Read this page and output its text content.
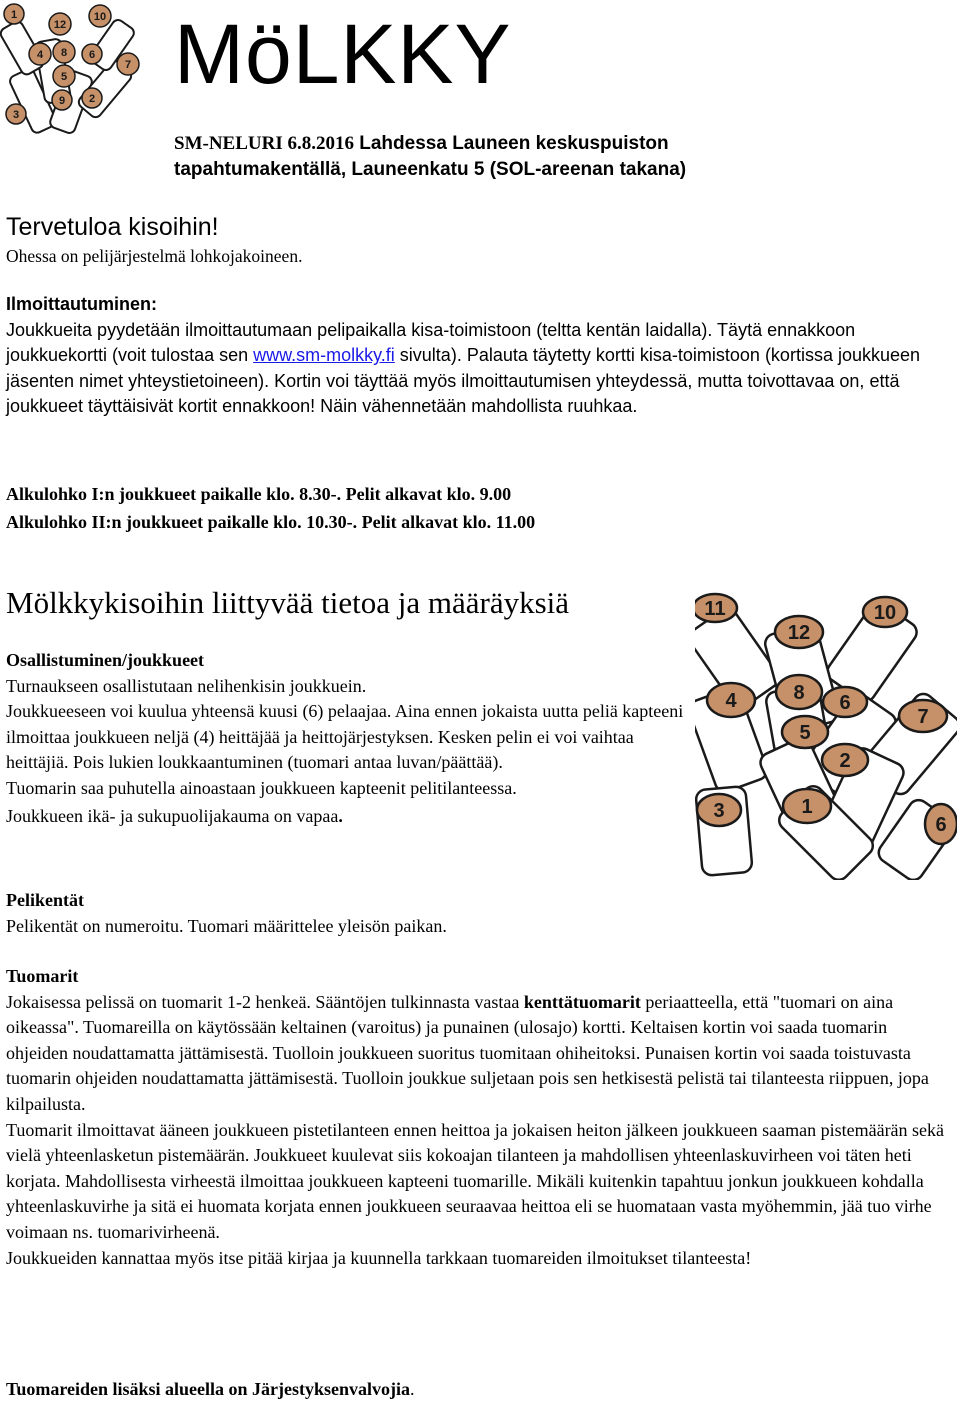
1
12
10
4 8 6
5
7
3
2
9 MöLKKY
SM-NELURI 6.8.2016 Lahdessa Launeen keskuspuiston
tapahtumakentällä, Launeenkatu 5 (SOL-areenan takana)
Tervetuloa kisoihin!
Ohessa on pelijärjestelmä lohkojakoineen.

Ilmoittautuminen:

Joukkueita pyydetään ilmoittautumaan pelipaikalla kisa-toimistoon (teltta kentän laidalla). Täytä ennakkoon joukkuekortti (voit tulostaa sen www.sm-molkky.fi sivulta). Palauta täytetty kortti kisa-toimistoon (kortissa joukkueen jäsenten nimet yhteystietoineen). Kortin voi täyttää myös ilmoittautumisen yhteydessä, mutta toivottavaa on, että joukkueet täyttäisivät kortit ennakkoon! Näin vähennetään mahdollista ruuhkaa.

Alkulohko I:n joukkueet paikalle klo. 8.30-. Pelit alkavat klo. 9.00

Alkulohko II:n joukkueet paikalle klo. 10.30-. Pelit alkavat klo. 11.00

Mölkkykisoihin liittyvää tietoa ja määräyksiä

Osallistuminen/joukkueet

Turnaukseen osallistutaan nelihenkisin joukkuein.

Joukkueeseen voi kuulua yhteensä kuusi (6) pelaajaa. Aina ennen jokaista uutta peliä kapteeni ilmoittaa joukkueen neljä (4) heittäjää ja heittojärjestyksen. Kesken pelin ei voi vaihtaa heittäjiä. Pois lukien loukkaantuminen (tuomari antaa luvan/päättää).

Tuomarin saa puhutella ainoastaan joukkueen kapteenit pelitilanteessa.

Joukkueen ikä- ja sukupuolijakauma on vapaa.

11	10
12
4	8 6
7
5
2
3	1
6

Pelikentät

Pelikentät on numeroitu. Tuomari määrittelee yleisön paikan.

Tuomarit

Jokaisessa pelissä on tuomarit 1-2 henkeä. Sääntöjen tulkinnasta vastaa kenttätuomarit periaatteella, että "tuomari on aina oikeassa". Tuomareilla on käytössään keltainen (varoitus) ja punainen (ulosajo) kortti. Keltaisen kortin voi saada tuomarin ohjeiden noudattamatta jättämisestä. Tuolloin joukkueen suoritus tuomitaan ohiheitoksi. Punaisen kortin voi saada toistuvasta tuomarin ohjeiden noudattamatta jättämisestä. Tuolloin joukkue suljetaan pois sen hetkisestä pelistä tai tilanteesta riippuen, jopa kilpailusta.

Tuomarit ilmoittavat ääneen joukkueen pistetilanteen ennen heittoa ja jokaisen heiton jälkeen joukkueen saaman pistemäärän sekä vielä yhteenlasketun pistemäärän. Joukkueet kuulevat siis kokoajan tilanteen ja mahdollisen yhteenlaskuvirheen voi täten heti korjata. Mahdollisesta virheestä ilmoittaa joukkueen kapteeni tuomarille. Mikäli kuitenkin tapahtuu jonkun joukkueen kohdalla yhteenlaskuvirhe ja sitä ei huomata korjata ennen joukkueen seuraavaa heittoa eli se huomataan vasta myöhemmin, jää tuo virhe voimaan ns. tuomarivirheenä.

Joukkueiden kannattaa myös itse pitää kirjaa ja kuunnella tarkkaan tuomareiden ilmoitukset tilanteesta!

Tuomareiden lisäksi alueella on Järjestyksenvalvojia.
